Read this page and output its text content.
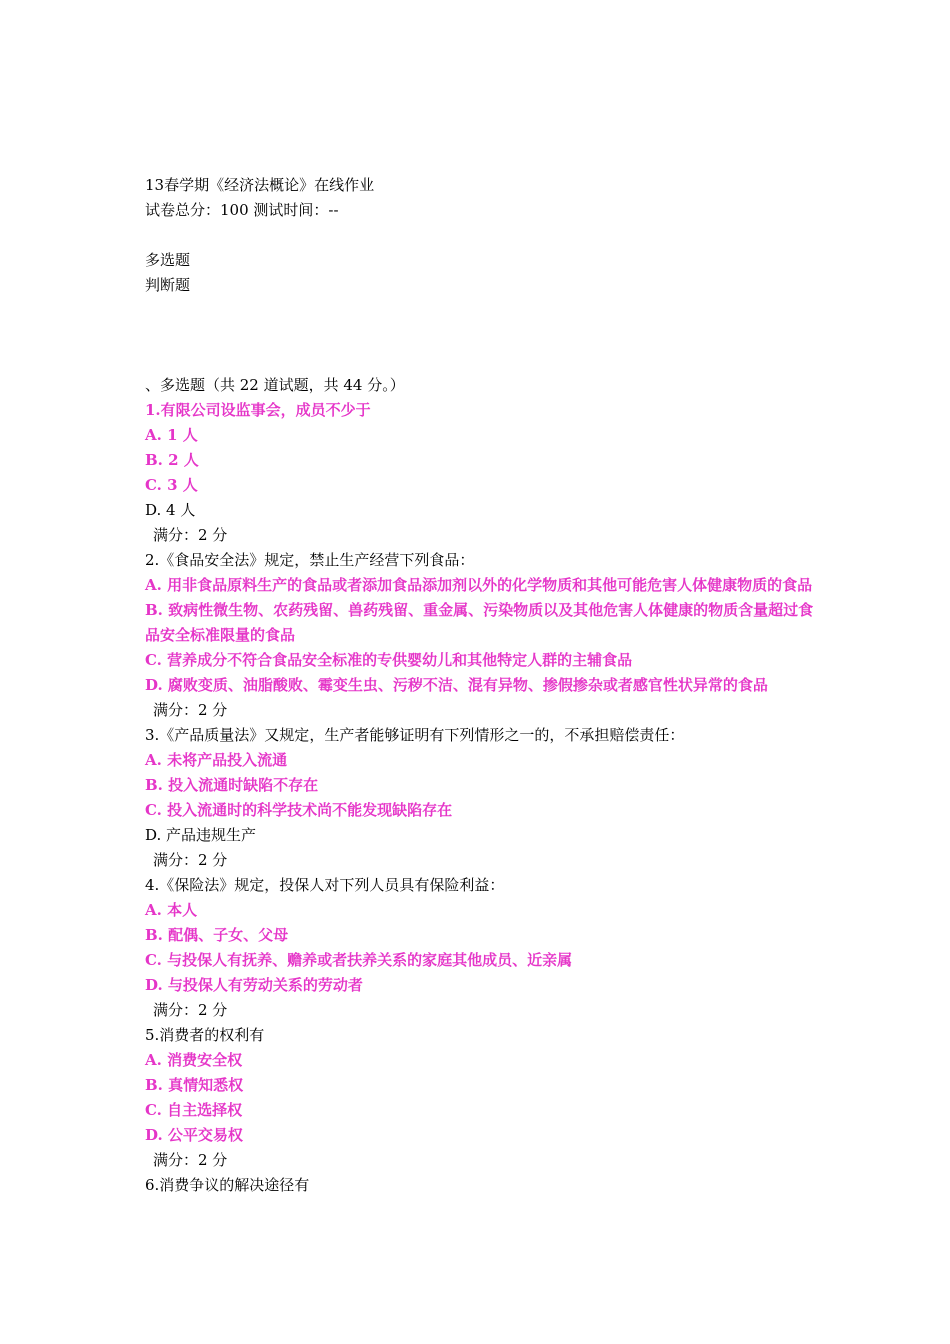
13春学期《经济法概论》在线作业
试卷总分：100 测试时间：--
多选题
判断题
、多选题（共 22 道试题，共 44 分。）
1.有限公司设监事会，成员不少于
A. 1 人
B. 2 人
C. 3 人
D. 4 人
满分：2 分
2.《食品安全法》规定，禁止生产经营下列食品：
A. 用非食品原料生产的食品或者添加食品添加剂以外的化学物质和其他可能危害人体健康物质的食品
B. 致病性微生物、农药残留、兽药残留、重金属、污染物质以及其他危害人体健康的物质含量超过食品安全标准限量的食品
C. 营养成分不符合食品安全标准的专供婴幼儿和其他特定人群的主辅食品
D. 腐败变质、油脂酸败、霉变生虫、污秽不洁、混有异物、掺假掺杂或者感官性状异常的食品
满分：2 分
3.《产品质量法》又规定，生产者能够证明有下列情形之一的，不承担赔偿责任：
A. 未将产品投入流通
B. 投入流通时缺陷不存在
C. 投入流通时的科学技术尚不能发现缺陷存在
D. 产品违规生产
满分：2 分
4.《保险法》规定，投保人对下列人员具有保险利益：
A. 本人
B. 配偶、子女、父母
C. 与投保人有抚养、赡养或者扶养关系的家庭其他成员、近亲属
D. 与投保人有劳动关系的劳动者
满分：2 分
5.消费者的权利有
A. 消费安全权
B. 真情知悉权
C. 自主选择权
D. 公平交易权
满分：2 分
6.消费争议的解决途径有
